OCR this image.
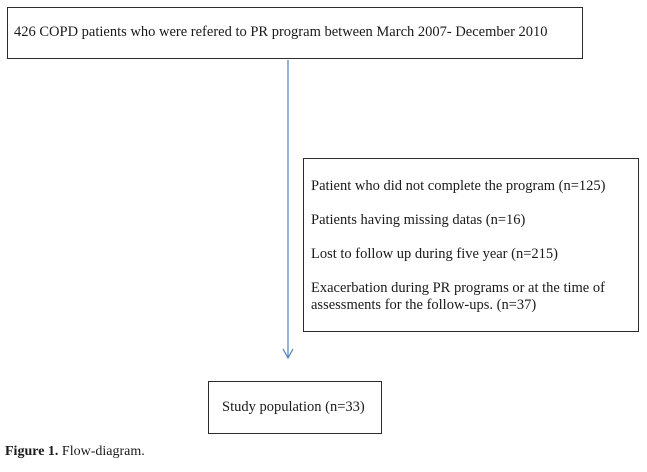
426 COPD patients who were refered to PR program between March 2007- December 2010
Patient who did not complete the program (n=125)
Patients having missing datas (n=16)
Lost to follow up during five year (n=215)
Exacerbation during PR programs or at the time of assessments for the follow-ups. (n=37)
Study population (n=33)
Figure 1. Flow-diagram.
